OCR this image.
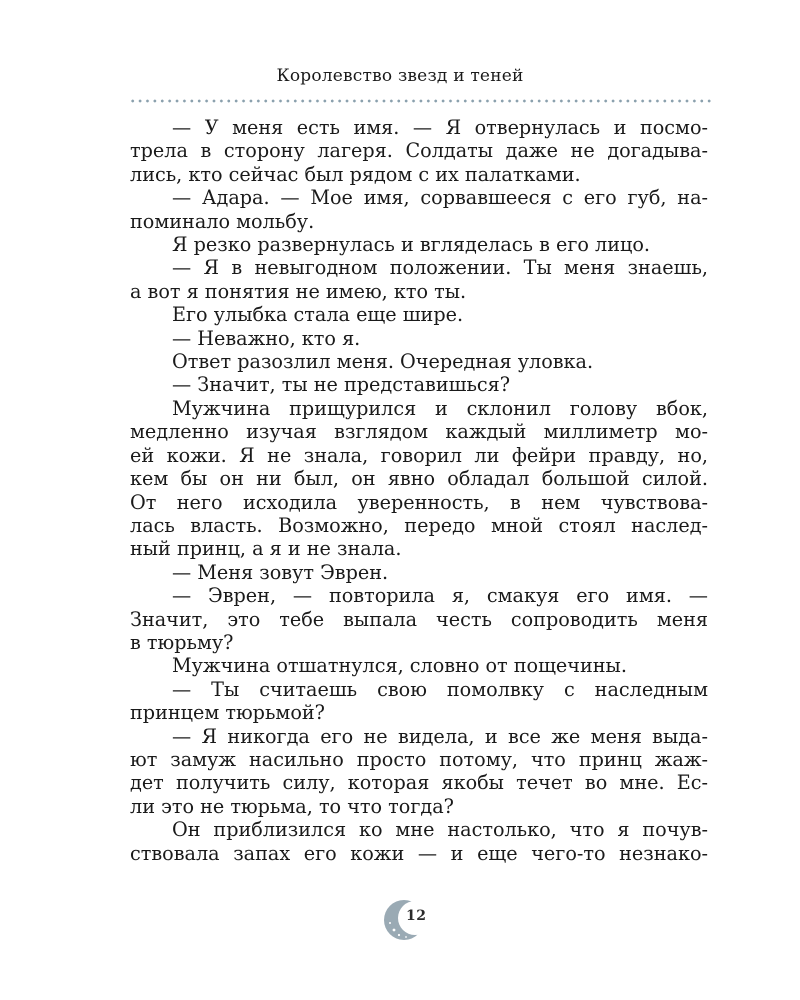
Королевство звезд и теней
— У меня есть имя. — Я отвернулась и посмо-
трела в сторону лагеря. Солдаты даже не догадыва-
лись, кто сейчас был рядом с их палатками.
— Адара. — Мое имя, сорвавшееся с его губ, на-
поминало мольбу.
Я резко развернулась и вгляделась в его лицо.
— Я в невыгодном положении. Ты меня знаешь,
а вот я понятия не имею, кто ты.
Его улыбка стала еще шире.
— Неважно, кто я.
Ответ разозлил меня. Очередная уловка.
— Значит, ты не представишься?
Мужчина прищурился и склонил голову вбок,
медленно изучая взглядом каждый миллиметр мо-
ей кожи. Я не знала, говорил ли фейри правду, но,
кем бы он ни был, он явно обладал большой силой.
От него исходила уверенность, в нем чувствова-
лась власть. Возможно, передо мной стоял наслед-
ный принц, а я и не знала.
— Меня зовут Эврен.
— Эврен, — повторила я, смакуя его имя. —
Значит, это тебе выпала честь сопроводить меня
в тюрьму?
Мужчина отшатнулся, словно от пощечины.
— Ты считаешь свою помолвку с наследным
принцем тюрьмой?
— Я никогда его не видела, и все же меня выда-
ют замуж насильно просто потому, что принц жаж-
дет получить силу, которая якобы течет во мне. Ес-
ли это не тюрьма, то что тогда?
Он приблизился ко мне настолько, что я почув-
ствовала запах его кожи — и еще чего-то незнако-
12
